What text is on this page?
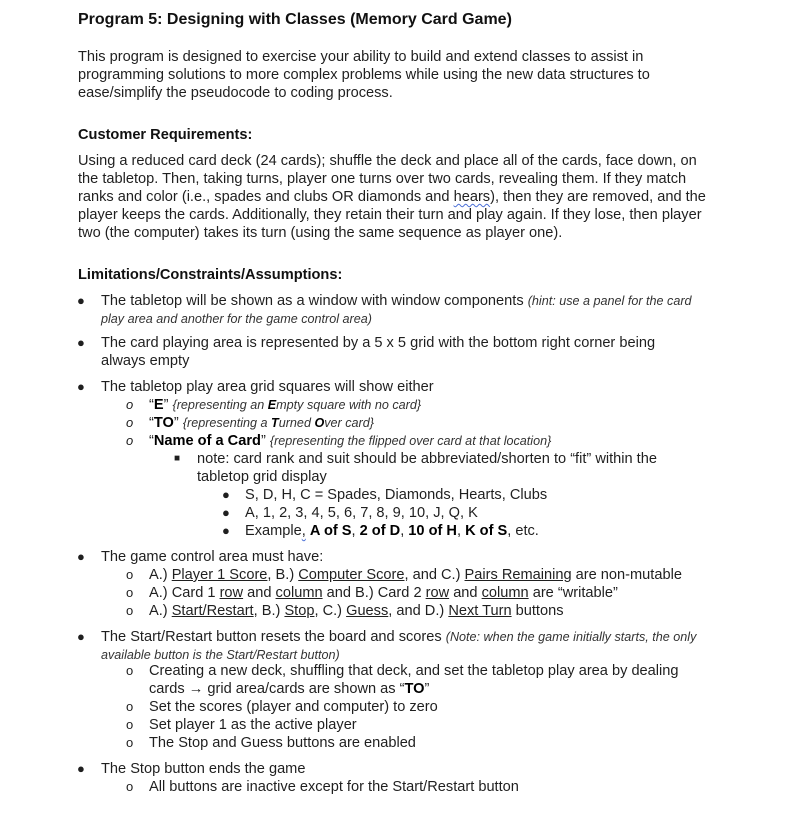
Program 5: Designing with Classes (Memory Card Game)
This program is designed to exercise your ability to build and extend classes to assist in programming solutions to more complex problems while using the new data structures to ease/simplify the pseudocode to coding process.
Customer Requirements:
Using a reduced card deck (24 cards); shuffle the deck and place all of the cards, face down, on the tabletop. Then, taking turns, player one turns over two cards, revealing them. If they match ranks and color (i.e., spades and clubs OR diamonds and hears), then they are removed, and the player keeps the cards. Additionally, they retain their turn and play again. If they lose, then player two (the computer) takes its turn (using the same sequence as player one).
Limitations/Constraints/Assumptions:
● The tabletop will be shown as a window with window components (hint: use a panel for the card play area and another for the game control area)
● The card playing area is represented by a 5 x 5 grid with the bottom right corner being always empty
● The tabletop play area grid squares will show either
o “E” {representing an Empty square with no card}
o “TO” {representing a Turned Over card}
o “Name of a Card” {representing the flipped over card at that location}
■ note: card rank and suit should be abbreviated/shorten to “fit” within the tabletop grid display
● S, D, H, C = Spades, Diamonds, Hearts, Clubs
● A, 1, 2, 3, 4, 5, 6, 7, 8, 9, 10, J, Q, K
● Example, A of S, 2 of D, 10 of H, K of S, etc.
● The game control area must have:
o A.) Player 1 Score, B.) Computer Score, and C.) Pairs Remaining are non-mutable
o A.) Card 1 row and column and B.) Card 2 row and column are “writable”
o A.) Start/Restart, B.) Stop, C.) Guess, and D.) Next Turn buttons
● The Start/Restart button resets the board and scores (Note: when the game initially starts, the only available button is the Start/Restart button)
o Creating a new deck, shuffling that deck, and set the tabletop play area by dealing cards → grid area/cards are shown as “TO”
o Set the scores (player and computer) to zero
o Set player 1 as the active player
o The Stop and Guess buttons are enabled
● The Stop button ends the game
o All buttons are inactive except for the Start/Restart button
